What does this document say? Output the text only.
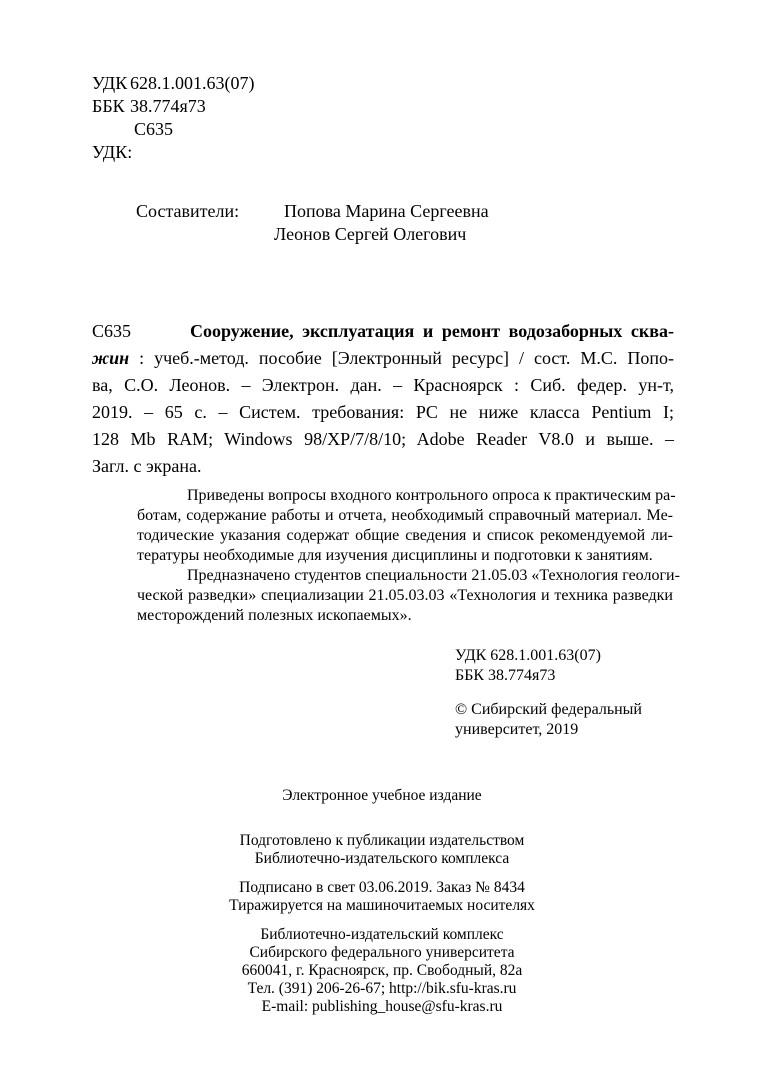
УДК 628.1.001.63(07)
ББК 38.774я73
С635
УДК:
Составители: Попова Марина Сергеевна
Леонов Сергей Олегович
С635	Сооружение, эксплуатация и ремонт водозаборных сква-
жин : учеб.-метод. пособие [Электронный ресурс] / сост. М.С. Попо-
ва, С.О. Леонов. – Электрон. дан. – Красноярск : Сиб. федер. ун-т,
2019. – 65 с. – Систем. требования: PC не ниже класса Pentium I;
128 Mb RAM; Windows 98/XP/7/8/10; Adobe Reader V8.0 и выше. –
Загл. с экрана.
Приведены вопросы входного контрольного опроса к практическим ра-
ботам, содержание работы и отчета, необходимый справочный материал. Ме-
тодические указания содержат общие сведения и список рекомендуемой ли-
тературы необходимые для изучения дисциплины и подготовки к занятиям.
Предназначено студентов специальности 21.05.03 «Технология геологи-
ческой разведки» специализации 21.05.03.03 «Технология и техника разведки
месторождений полезных ископаемых».
УДК 628.1.001.63(07)
ББК 38.774я73
© Сибирский федеральный
университет, 2019
Электронное учебное издание
Подготовлено к публикации издательством
Библиотечно-издательского комплекса
Подписано в свет 03.06.2019. Заказ № 8434
Тиражируется на машиночитаемых носителях
Библиотечно-издательский комплекс
Сибирского федерального университета
660041, г. Красноярск, пр. Свободный, 82а
Тел. (391) 206-26-67; http://bik.sfu-kras.ru
E-mail: publishing_house@sfu-kras.ru
